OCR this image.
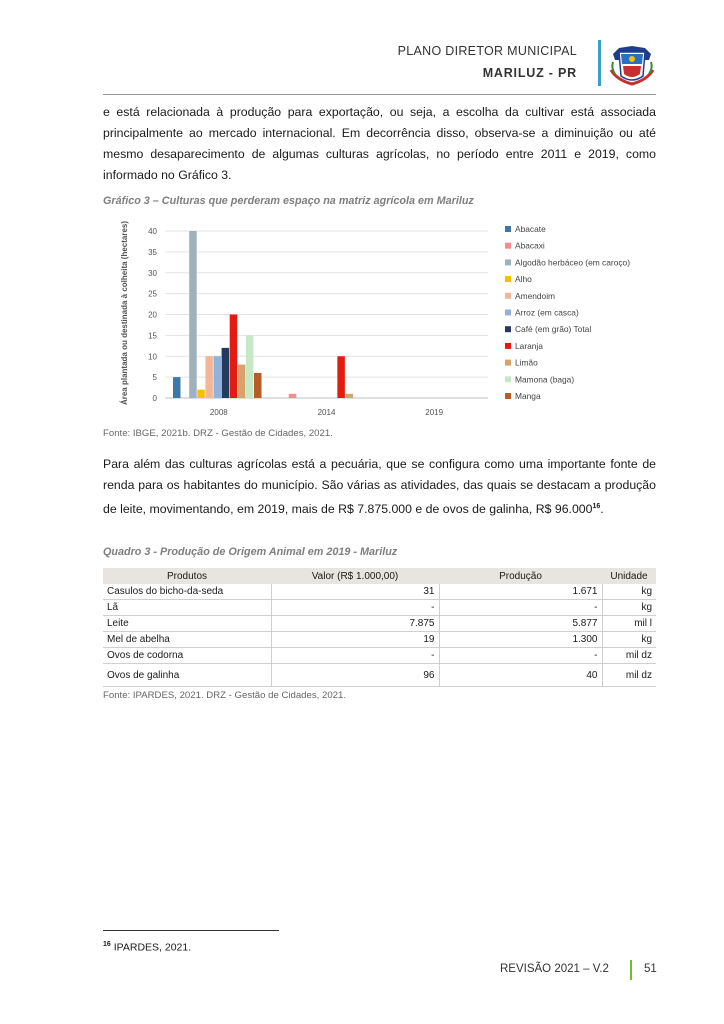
PLANO DIRETOR MUNICIPAL
MARILUZ - PR
e está relacionada à produção para exportação, ou seja, a escolha da cultivar está associada principalmente ao mercado internacional. Em decorrência disso, observa-se a diminuição ou até mesmo desaparecimento de algumas culturas agrícolas, no período entre 2011 e 2019, como informado no Gráfico 3.
Gráfico 3 – Culturas que perderam espaço na matriz agrícola em Mariluz
Área plantada ou destinada à colheita (hectares)	0
5
10
15
20
25
30
35
40
2008	2014	2019
Abacate
Abacaxi
Algodão herbáceo (em caroço)
Alho
Amendoim
Arroz (em casca)
Café (em grão) Total
Laranja
Limão
Mamona (baga)
Manga
Fonte: IBGE, 2021b. DRZ - Gestão de Cidades, 2021.
Para além das culturas agrícolas está a pecuária, que se configura como uma importante fonte de renda para os habitantes do município. São várias as atividades, das quais se destacam a produção de leite, movimentando, em 2019, mais de R$ 7.875.000 e de ovos de galinha, R$ 96.000$^{16}$.
Quadro 3 - Produção de Origem Animal em 2019 - Mariluz
Produtos	Valor (R$ 1.000,00)	Produção	Unidade
Casulos do bicho-da-seda	31	1.671	kg
Lã	-	-	kg
Leite	7.875	5.877	mil l
Mel de abelha	19	1.300	kg
Ovos de codorna	-	-	mil dz
Ovos de galinha	96	40	mil dz
Fonte: IPARDES, 2021. DRZ - Gestão de Cidades, 2021.
$^{16}$ IPARDES, 2021.
REVISÃO 2021 – V.2	51
